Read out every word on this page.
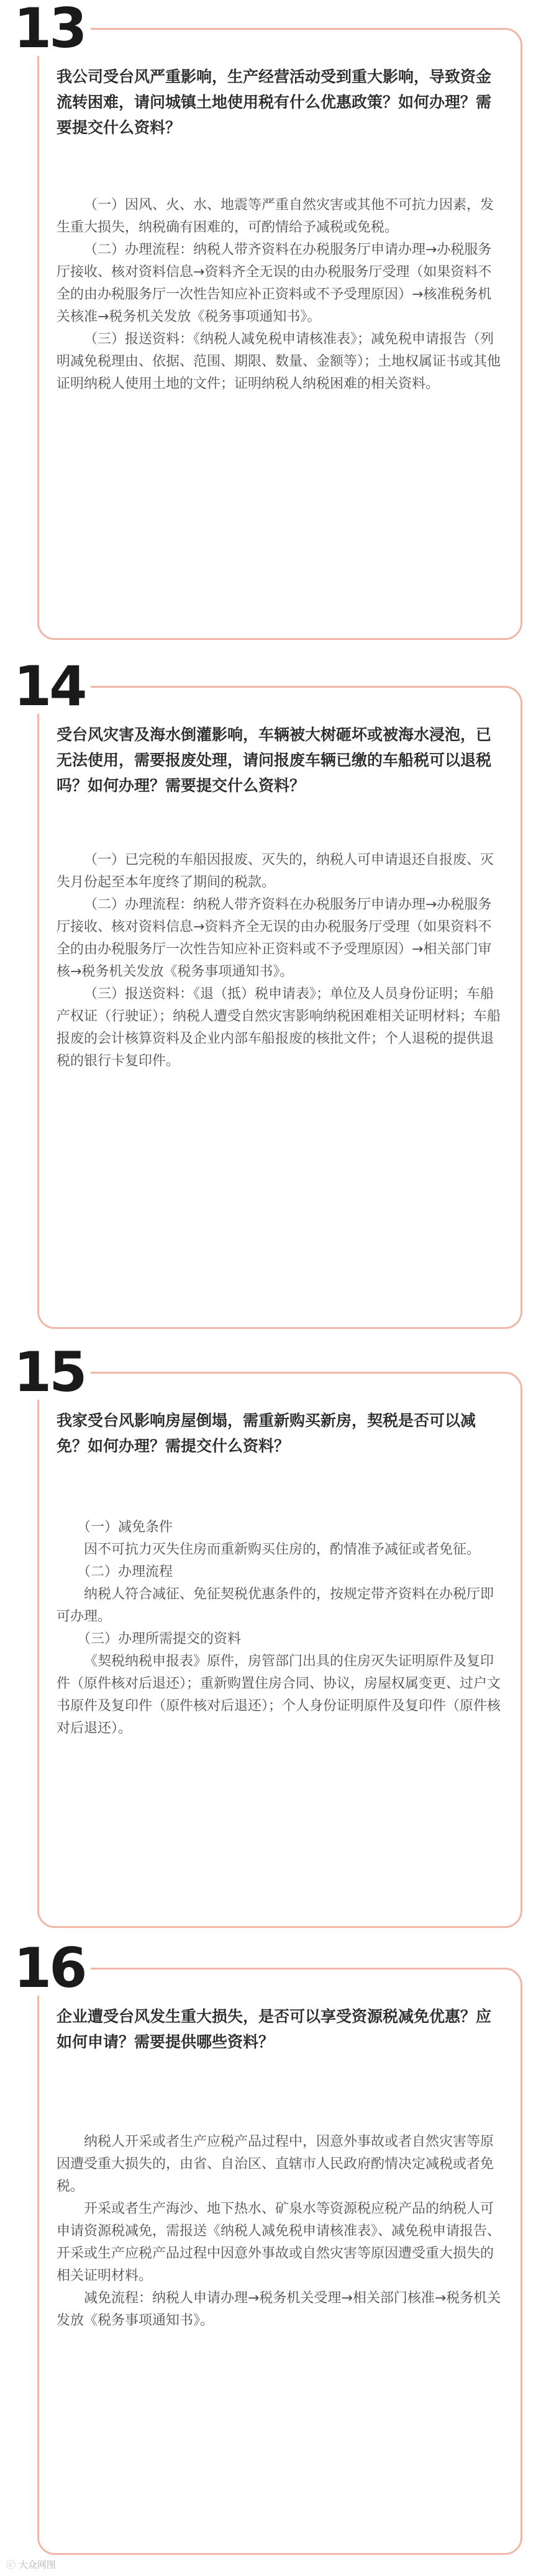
我公司受台风严重影响，生产经营活动受到重大影响，导致资金流转困难，请问城镇土地使用税有什么优惠政策？如何办理？需要提交什么资料？

（一）因风、火、水、地震等严重自然灾害或其他不可抗力因素，发生重大损失，纳税确有困难的，可酌情给予减税或免税。

（二）办理流程：纳税人带齐资料在办税服务厅申请办理→办税服务厅接收、核对资料信息→资料齐全无误的由办税服务厅受理（如果资料不全的由办税服务厅一次性告知应补正资料或不予受理原因）→核准税务机关核准→税务机关发放《税务事项通知书》。

（三）报送资料：《纳税人减免税申请核准表》；减免税申请报告（列明减免税理由、依据、范围、期限、数量、金额等）；土地权属证书或其他证明纳税人使用土地的文件；证明纳税人纳税困难的相关资料。

13
受台风灾害及海水倒灌影响，车辆被大树砸坏或被海水浸泡，已无法使用，需要报废处理，请问报废车辆已缴的车船税可以退税吗？如何办理？需要提交什么资料？

（一）已完税的车船因报废、灭失的，纳税人可申请退还自报废、灭失月份起至本年度终了期间的税款。

（二）办理流程：纳税人带齐资料在办税服务厅申请办理→办税服务厅接收、核对资料信息→资料齐全无误的由办税服务厅受理（如果资料不全的由办税服务厅一次性告知应补正资料或不予受理原因）→相关部门审核→税务机关发放《税务事项通知书》。

（三）报送资料：《退（抵）税申请表》；单位及人员身份证明；车船产权证（行驶证）；纳税人遭受自然灾害影响纳税困难相关证明材料；车船报废的会计核算资料及企业内部车船报废的核批文件；个人退税的提供退税的银行卡复印件。

14
我家受台风影响房屋倒塌，需重新购买新房，契税是否可以减免？如何办理？需提交什么资料？

（一）减免条件

因不可抗力灭失住房而重新购买住房的，酌情准予减征或者免征。

（二）办理流程

纳税人符合减征、免征契税优惠条件的，按规定带齐资料在办税厅即可办理。

（三）办理所需提交的资料

《契税纳税申报表》原件，房管部门出具的住房灭失证明原件及复印件（原件核对后退还）；重新购置住房合同、协议，房屋权属变更、过户文书原件及复印件（原件核对后退还）；个人身份证明原件及复印件（原件核对后退还）。

15
企业遭受台风发生重大损失，是否可以享受资源税减免优惠？应如何申请？需要提供哪些资料？

纳税人开采或者生产应税产品过程中，因意外事故或者自然灾害等原因遭受重大损失的，由省、自治区、直辖市人民政府酌情决定减税或者免税。

开采或者生产海沙、地下热水、矿泉水等资源税应税产品的纳税人可申请资源税减免，需报送《纳税人减免税申请核准表》、减免税申请报告、开采或生产应税产品过程中因意外事故或自然灾害等原因遭受重大损失的相关证明材料。

减免流程：纳税人申请办理→税务机关受理→相关部门核准→税务机关发放《税务事项通知书》。

16
ⓒ 大众网图
